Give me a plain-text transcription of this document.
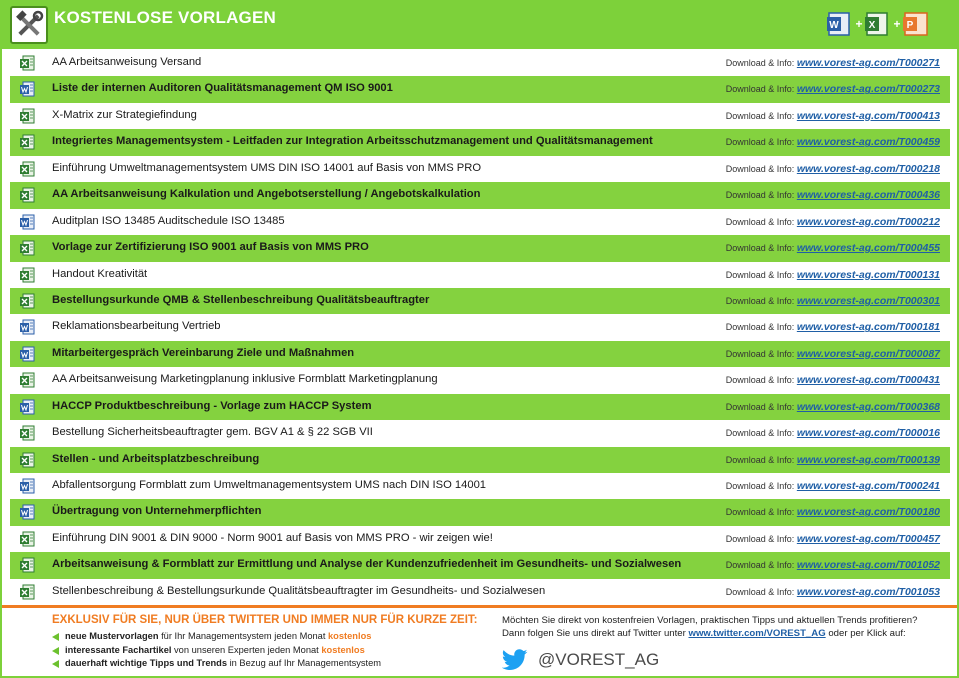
KOSTENLOSE VORLAGEN	W + X + P
AA Arbeitsanweisung Versand	Download & Info: www.vorest-ag.com/T000271
Liste der internen Auditoren Qualitätsmanagement QM ISO 9001	Download & Info: www.vorest-ag.com/T000273
X-Matrix zur Strategiefindung	Download & Info: www.vorest-ag.com/T000413
Integriertes Managementsystem - Leitfaden zur Integration Arbeitsschutzmanagement und Qualitätsmanagement	Download & Info: www.vorest-ag.com/T000459
Einführung Umweltmanagementsystem UMS DIN ISO 14001 auf Basis von MMS PRO	Download & Info: www.vorest-ag.com/T000218
AA Arbeitsanweisung Kalkulation und Angebotserstellung / Angebotskalkulation	Download & Info: www.vorest-ag.com/T000436
Auditplan ISO 13485 Auditschedule ISO 13485	Download & Info: www.vorest-ag.com/T000212
Vorlage zur Zertifizierung ISO 9001 auf Basis von MMS PRO	Download & Info: www.vorest-ag.com/T000455
Handout Kreativität	Download & Info: www.vorest-ag.com/T000131
Bestellungsurkunde QMB & Stellenbeschreibung Qualitätsbeauftragter	Download & Info: www.vorest-ag.com/T000301
Reklamationsbearbeitung Vertrieb	Download & Info: www.vorest-ag.com/T000181
Mitarbeitergespräch Vereinbarung Ziele und Maßnahmen	Download & Info: www.vorest-ag.com/T000087
AA Arbeitsanweisung Marketingplanung inklusive Formblatt Marketingplanung	Download & Info: www.vorest-ag.com/T000431
HACCP Produktbeschreibung - Vorlage zum HACCP System	Download & Info: www.vorest-ag.com/T000368
Bestellung Sicherheitsbeauftragter gem. BGV A1 & § 22 SGB VII	Download & Info: www.vorest-ag.com/T000016
Stellen - und Arbeitsplatzbeschreibung	Download & Info: www.vorest-ag.com/T000139
Abfallentsorgung Formblatt zum Umweltmanagementsystem UMS nach DIN ISO 14001	Download & Info: www.vorest-ag.com/T000241
Übertragung von Unternehmerpflichten	Download & Info: www.vorest-ag.com/T000180
Einführung DIN 9001 & DIN 9000 - Norm 9001 auf Basis von MMS PRO - wir zeigen wie!	Download & Info: www.vorest-ag.com/T000457
Arbeitsanweisung & Formblatt zur Ermittlung und Analyse der Kundenzufriedenheit im Gesundheits- und Sozialwesen	Download & Info: www.vorest-ag.com/T001052
Stellenbeschreibung & Bestellungsurkunde Qualitätsbeauftragter im Gesundheits- und Sozialwesen	Download & Info: www.vorest-ag.com/T001053
EXKLUSIV FÜR SIE, NUR ÜBER TWITTER UND IMMER NUR FÜR KURZE ZEIT:
neue Mustervorlagen für Ihr Managementsystem jeden Monat kostenlos
interessante Fachartikel von unseren Experten jeden Monat kostenlos
dauerhaft wichtige Tipps und Trends in Bezug auf Ihr Managementsystem
Möchten Sie direkt von kostenfreien Vorlagen, praktischen Tipps und aktuellen Trends profitieren?
Dann folgen Sie uns direkt auf Twitter unter www.twitter.com/VOREST_AG oder per Klick auf:
@VOREST_AG
